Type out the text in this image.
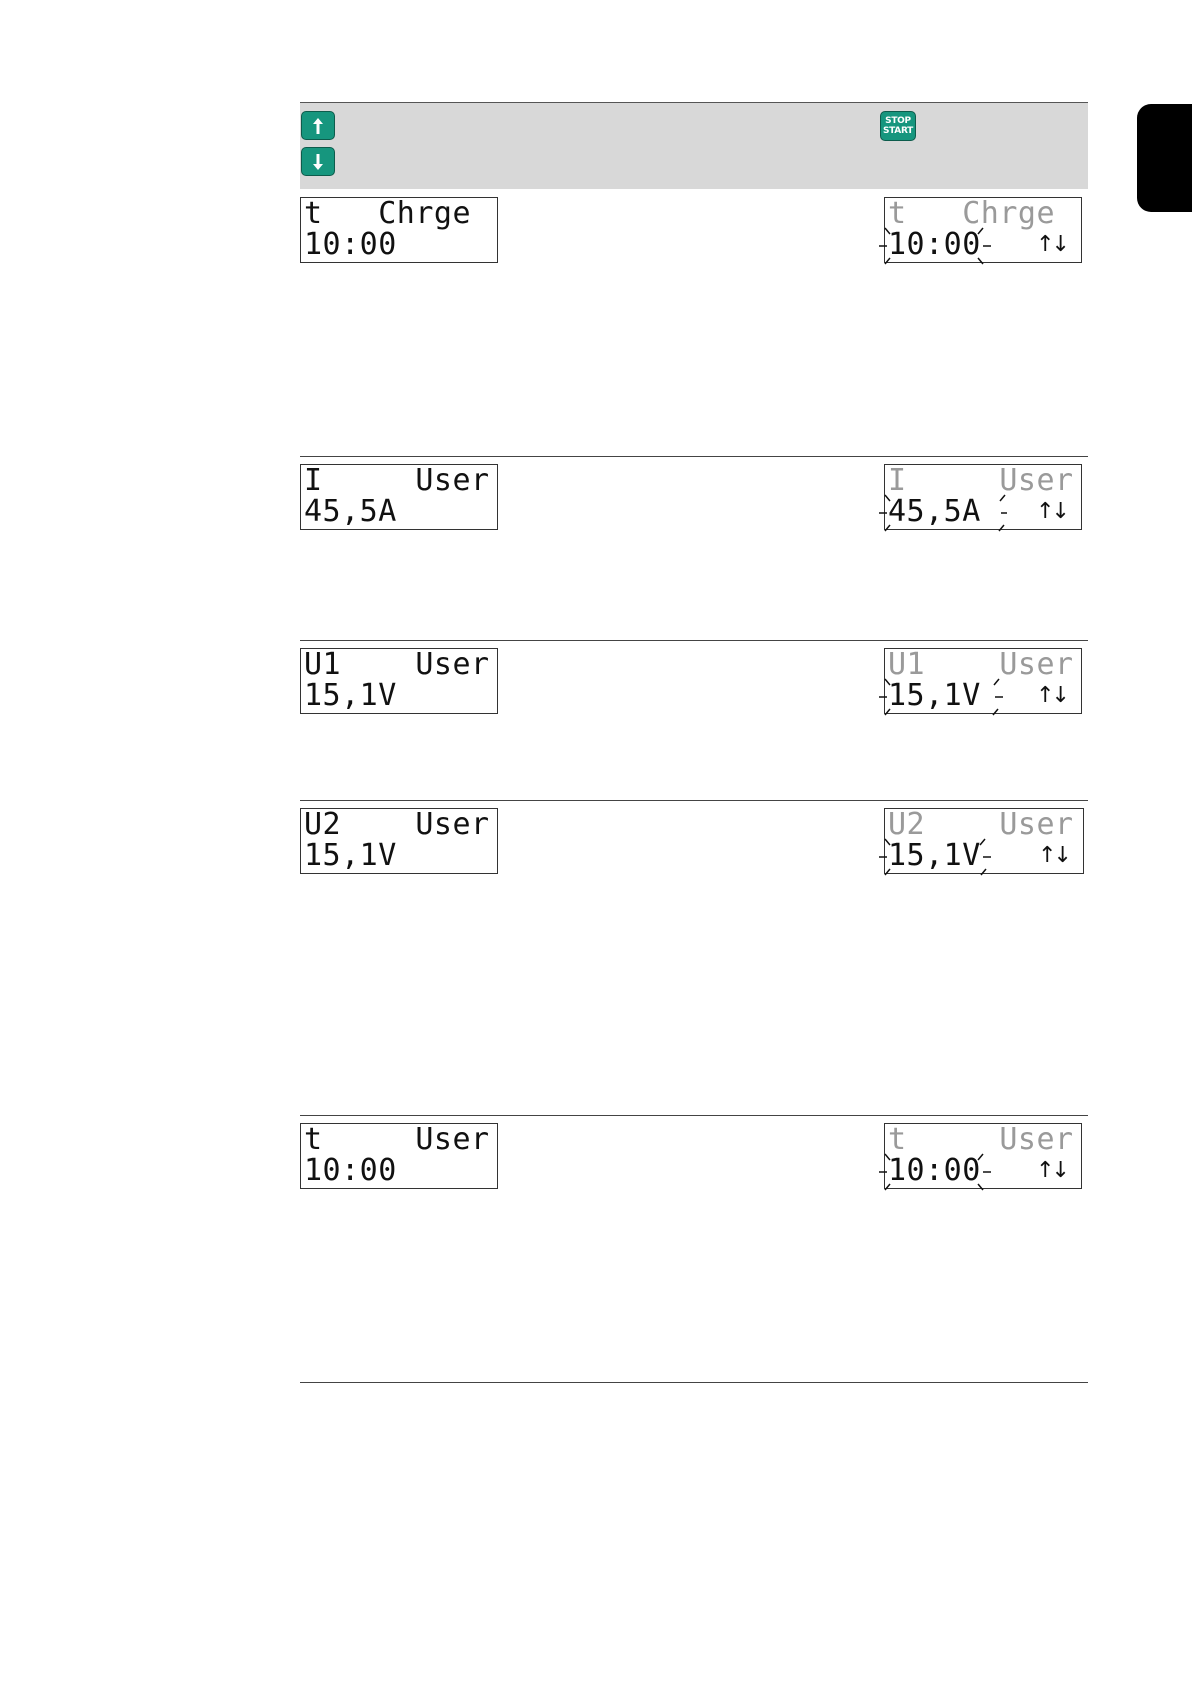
STOP
START
t   Chrge
10:00
t   Chrge
10:00	↑↓
I     User
45,5A
I     User
45,5A	↑↓
U1    User
15,1V
U1    User
15,1V	↑↓
U2    User
15,1V
U2    User
15,1V	↑↓
t     User
10:00
t     User
10:00	↑↓
